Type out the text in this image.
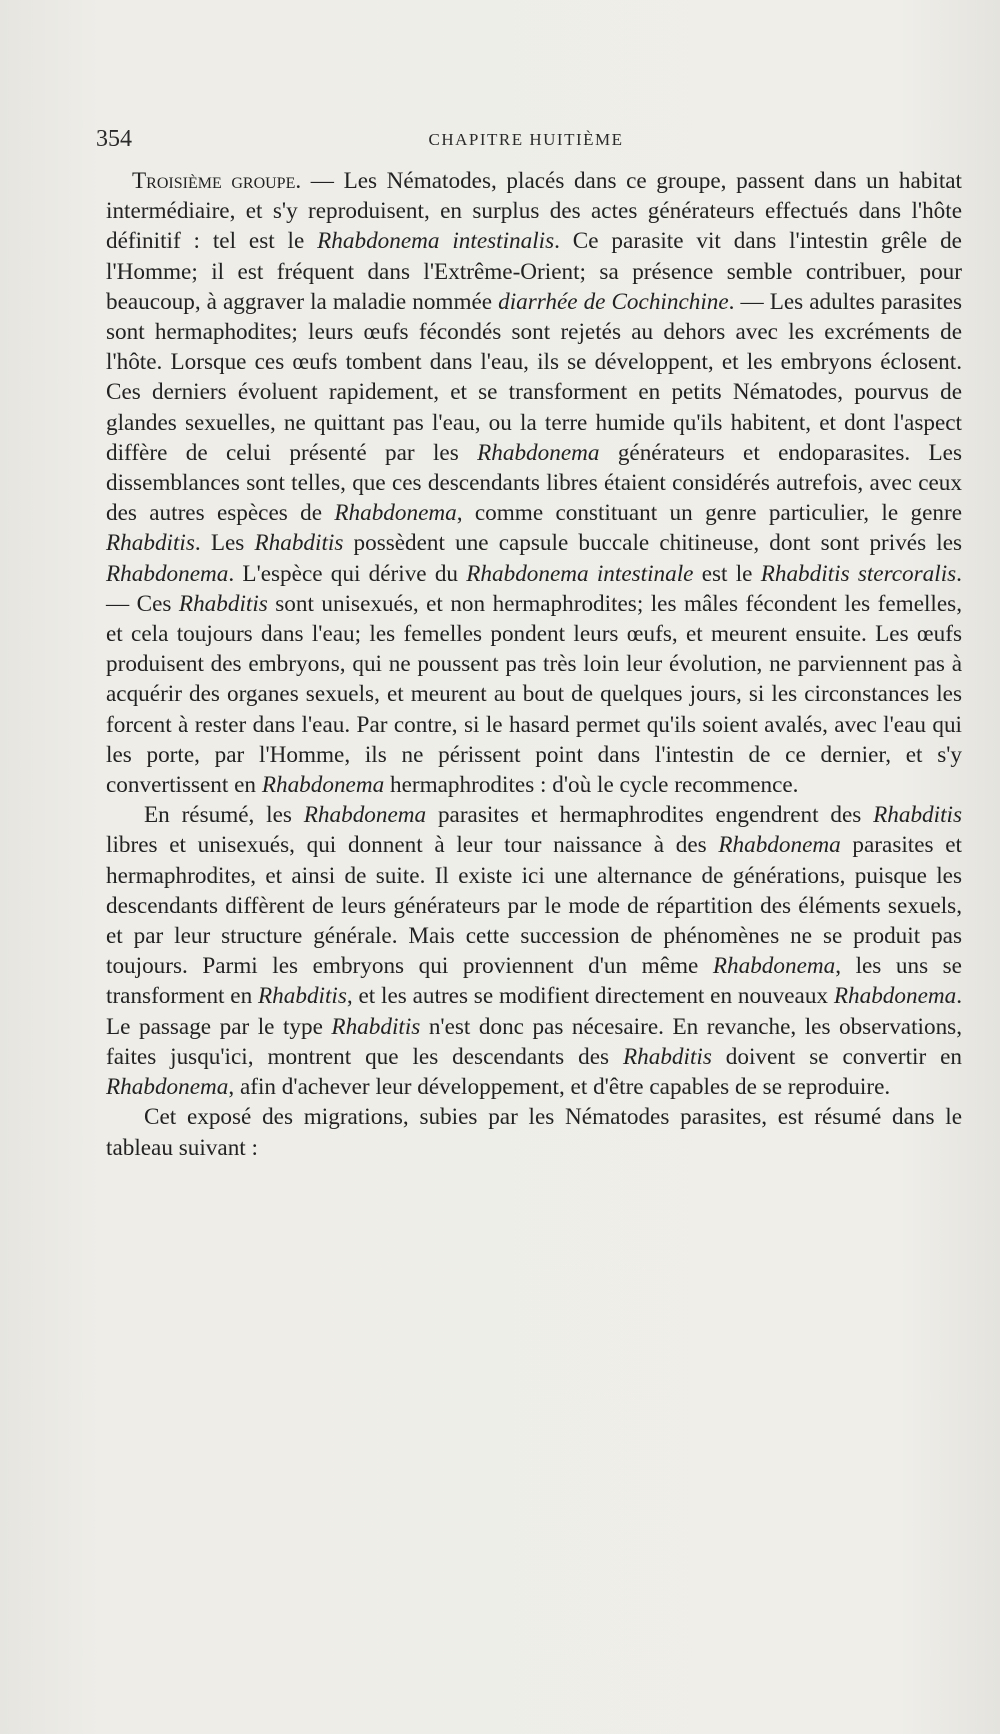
354	CHAPITRE HUITIÈME

Troisième groupe. — Les Nématodes, placés dans ce groupe, passent dans un habitat intermédiaire, et s'y reproduisent, en surplus des actes générateurs effectués dans l'hôte définitif : tel est le Rhabdonema intestinalis. Ce parasite vit dans l'intestin grêle de l'Homme; il est fréquent dans l'Extrême-Orient; sa présence semble contribuer, pour beaucoup, à aggraver la maladie nommée diarrhée de Cochinchine. — Les adultes parasites sont hermaphodites; leurs œufs fécondés sont rejetés au dehors avec les excréments de l'hôte. Lorsque ces œufs tombent dans l'eau, ils se développent, et les embryons éclosent. Ces derniers évoluent rapidement, et se transforment en petits Nématodes, pourvus de glandes sexuelles, ne quittant pas l'eau, ou la terre humide qu'ils habitent, et dont l'aspect diffère de celui présenté par les Rhabdonema générateurs et endoparasites. Les dissemblances sont telles, que ces descendants libres étaient considérés autrefois, avec ceux des autres espèces de Rhabdonema, comme constituant un genre particulier, le genre Rhabditis. Les Rhabditis possèdent une capsule buccale chitineuse, dont sont privés les Rhabdonema. L'espèce qui dérive du Rhabdonema intestinale est le Rhabditis stercoralis. — Ces Rhabditis sont unisexués, et non hermaphrodites; les mâles fécondent les femelles, et cela toujours dans l'eau; les femelles pondent leurs œufs, et meurent ensuite. Les œufs produisent des embryons, qui ne poussent pas très loin leur évolution, ne parviennent pas à acquérir des organes sexuels, et meurent au bout de quelques jours, si les circonstances les forcent à rester dans l'eau. Par contre, si le hasard permet qu'ils soient avalés, avec l'eau qui les porte, par l'Homme, ils ne périssent point dans l'intestin de ce dernier, et s'y convertissent en Rhabdonema hermaphrodites : d'où le cycle recommence.

En résumé, les Rhabdonema parasites et hermaphrodites engendrent des Rhabditis libres et unisexués, qui donnent à leur tour naissance à des Rhabdonema parasites et hermaphrodites, et ainsi de suite. Il existe ici une alternance de générations, puisque les descendants diffèrent de leurs générateurs par le mode de répartition des éléments sexuels, et par leur structure générale. Mais cette succession de phénomènes ne se produit pas toujours. Parmi les embryons qui proviennent d'un même Rhabdonema, les uns se transforment en Rhabditis, et les autres se modifient directement en nouveaux Rhabdonema. Le passage par le type Rhabditis n'est donc pas nécesaire. En revanche, les observations, faites jusqu'ici, montrent que les descendants des Rhabditis doivent se convertir en Rhabdonema, afin d'achever leur développement, et d'être capables de se reproduire.

Cet exposé des migrations, subies par les Nématodes parasites, est résumé dans le tableau suivant :
